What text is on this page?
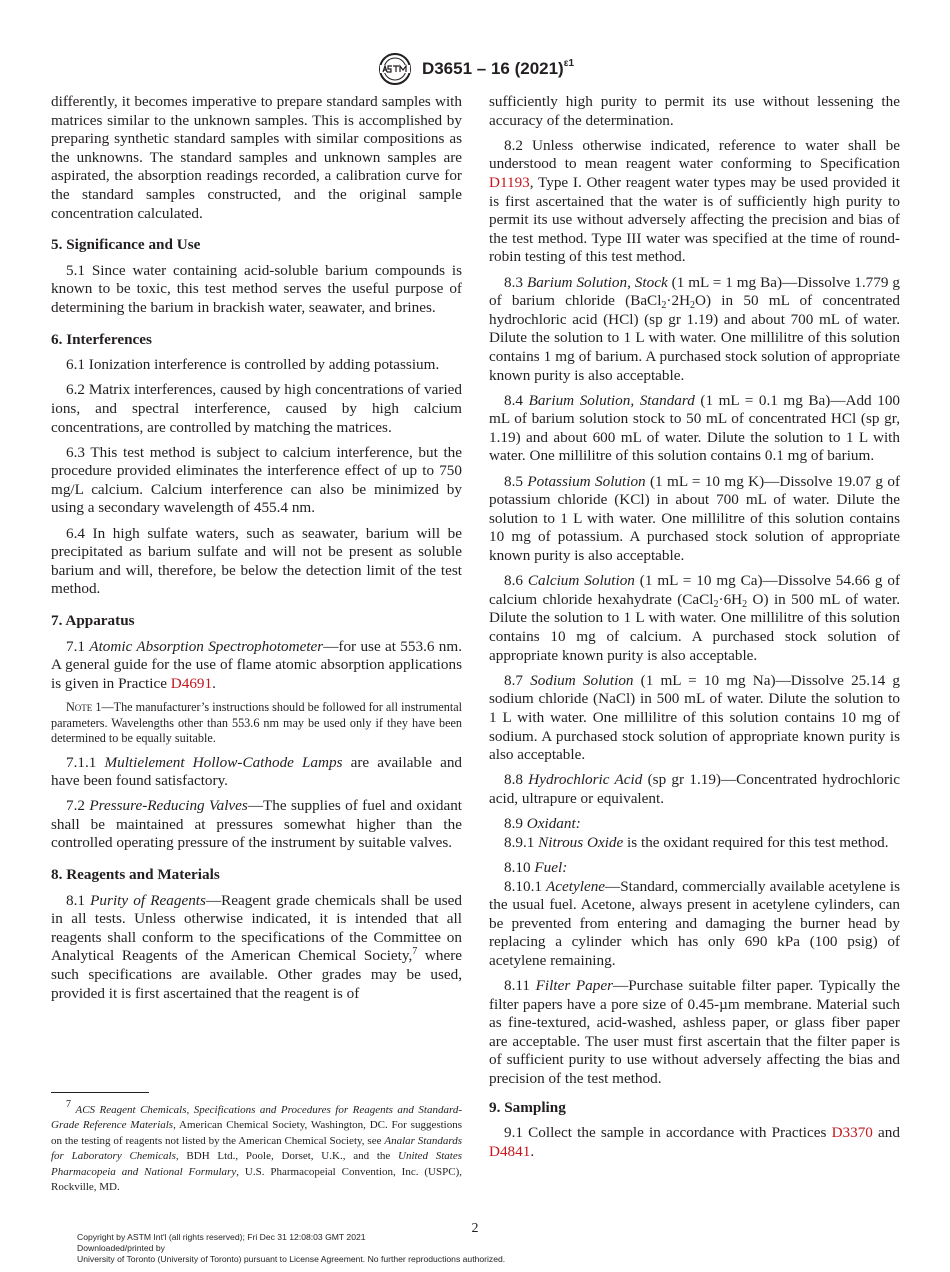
D3651 – 16 $(2021)^{\varepsilon 1}$

differently, it becomes imperative to prepare standard samples with matrices similar to the unknown samples. This is accomplished by preparing synthetic standard samples with similar compositions as the unknowns. The standard samples and unknown samples are aspirated, the absorption readings recorded, a calibration curve for the standard samples constructed, and the original sample concentration calculated.

5. Significance and Use

5.1 Since water containing acid-soluble barium compounds is known to be toxic, this test method serves the useful purpose of determining the barium in brackish water, seawater, and brines.

6. Interferences

6.1 Ionization interference is controlled by adding potassium.

6.2 Matrix interferences, caused by high concentrations of varied ions, and spectral interference, caused by high calcium concentrations, are controlled by matching the matrices.

6.3 This test method is subject to calcium interference, but the procedure provided eliminates the interference effect of up to 750 mg/L calcium. Calcium interference can also be minimized by using a secondary wavelength of 455.4 nm.

6.4 In high sulfate waters, such as seawater, barium will be precipitated as barium sulfate and will not be present as soluble barium and will, therefore, be below the detection limit of the test method.

7. Apparatus

7.1 Atomic Absorption Spectrophotometer—for use at 553.6 nm. A general guide for the use of flame atomic absorption applications is given in Practice D4691.

Note 1—The manufacturer’s instructions should be followed for all instrumental parameters. Wavelengths other than 553.6 nm may be used only if they have been determined to be equally suitable.

7.1.1 Multielement Hollow-Cathode Lamps are available and have been found satisfactory.

7.2 Pressure-Reducing Valves—The supplies of fuel and oxidant shall be maintained at pressures somewhat higher than the controlled operating pressure of the instrument by suitable valves.

8. Reagents and Materials

8.1 Purity of Reagents—Reagent grade chemicals shall be used in all tests. Unless otherwise indicated, it is intended that all reagents shall conform to the specifications of the Committee on Analytical Reagents of the American Chemical Society,$^7$ where such specifications are available. Other grades may be used, provided it is first ascertained that the reagent is of

$^7$ ACS Reagent Chemicals, Specifications and Procedures for Reagents and Standard-Grade Reference Materials, American Chemical Society, Washington, DC. For suggestions on the testing of reagents not listed by the American Chemical Society, see Analar Standards for Laboratory Chemicals, BDH Ltd., Poole, Dorset, U.K., and the United States Pharmacopeia and National Formulary, U.S. Pharmacopeial Convention, Inc. (USPC), Rockville, MD.

sufficiently high purity to permit its use without lessening the accuracy of the determination.

8.2 Unless otherwise indicated, reference to water shall be understood to mean reagent water conforming to Specification D1193, Type I. Other reagent water types may be used provided it is first ascertained that the water is of sufficiently high purity to permit its use without adversely affecting the precision and bias of the test method. Type III water was specified at the time of round-robin testing of this test method.

8.3 Barium Solution, Stock (1 mL = 1 mg Ba)—Dissolve 1.779 g of barium chloride $(BaCl_2\cdot 2H_2O)$ in 50 mL of concentrated hydrochloric acid (HCl) (sp gr 1.19) and about 700 mL of water. Dilute the solution to 1 L with water. One millilitre of this solution contains 1 mg of barium. A purchased stock solution of appropriate known purity is also acceptable.

8.4 Barium Solution, Standard (1 mL = 0.1 mg Ba)—Add 100 mL of barium solution stock to 50 mL of concentrated HCl (sp gr, 1.19) and about 600 mL of water. Dilute the solution to 1 L with water. One millilitre of this solution contains 0.1 mg of barium.

8.5 Potassium Solution (1 mL = 10 mg K)—Dissolve 19.07 g of potassium chloride (KCl) in about 700 mL of water. Dilute the solution to 1 L with water. One millilitre of this solution contains 10 mg of potassium. A purchased stock solution of appropriate known purity is also acceptable.

8.6 Calcium Solution (1 mL = 10 mg Ca)—Dissolve 54.66 g of calcium chloride hexahydrate ($CaCl_2\cdot 6H_2$ O) in 500 mL of water. Dilute the solution to 1 L with water. One millilitre of this solution contains 10 mg of calcium. A purchased stock solution of appropriate known purity is also acceptable.

8.7 Sodium Solution (1 mL = 10 mg Na)—Dissolve 25.14 g sodium chloride (NaCl) in 500 mL of water. Dilute the solution to 1 L with water. One millilitre of this solution contains 10 mg of sodium. A purchased stock solution of appropriate known purity is also acceptable.

8.8 Hydrochloric Acid (sp gr 1.19)—Concentrated hydrochloric acid, ultrapure or equivalent.

8.9 Oxidant:

8.9.1 Nitrous Oxide is the oxidant required for this test method.

8.10 Fuel:

8.10.1 Acetylene—Standard, commercially available acetylene is the usual fuel. Acetone, always present in acetylene cylinders, can be prevented from entering and damaging the burner head by replacing a cylinder which has only 690 kPa (100 psig) of acetylene remaining.

8.11 Filter Paper—Purchase suitable filter paper. Typically the filter papers have a pore size of 0.45-µm membrane. Material such as fine-textured, acid-washed, ashless paper, or glass fiber paper are acceptable. The user must first ascertain that the filter paper is of sufficient purity to use without adversely affecting the bias and precision of the test method.

9. Sampling

9.1 Collect the sample in accordance with Practices D3370 and D4841.

2
Copyright by ASTM Int'l (all rights reserved); Fri Dec 31 12:08:03 GMT 2021
Downloaded/printed by
University of Toronto (University of Toronto) pursuant to License Agreement. No further reproductions authorized.
